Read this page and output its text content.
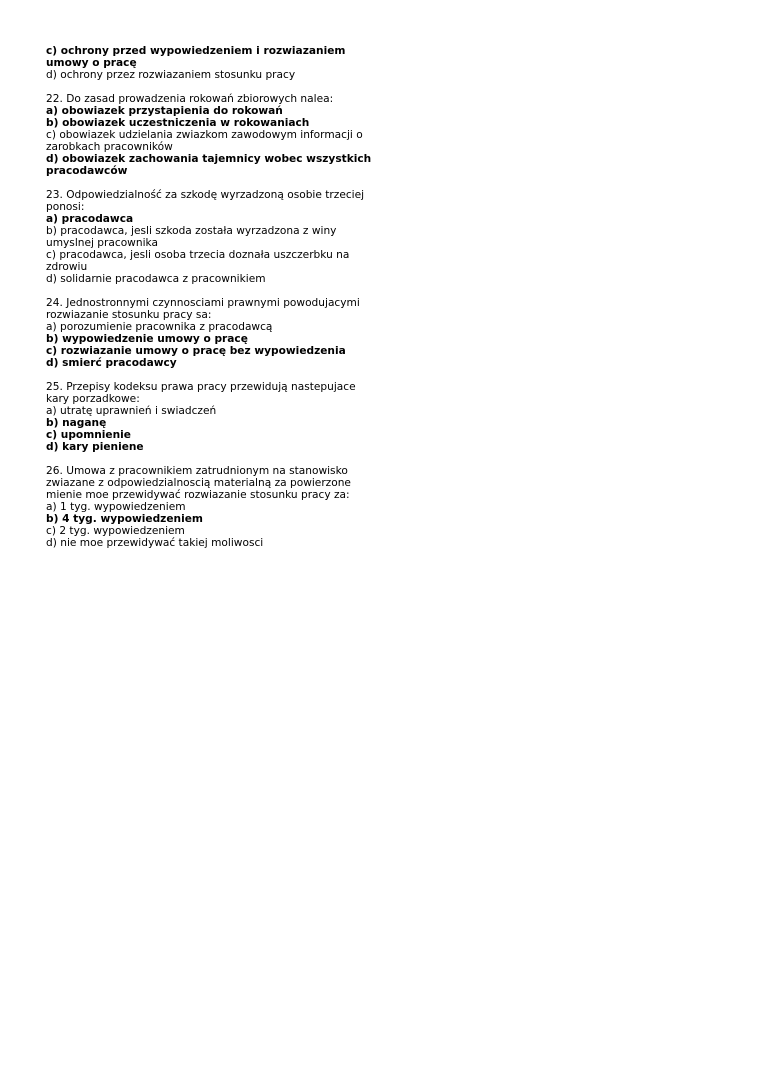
c) ochrony przed wypowiedzeniem i rozwiazaniem umowy o pracę
d) ochrony przez rozwiazaniem stosunku pracy
22. Do zasad prowadzenia rokowań zbiorowych nalea:
a) obowiazek przystapienia do rokowań
b) obowiazek uczestniczenia w rokowaniach
c) obowiazek udzielania zwiazkom zawodowym informacji o zarobkach pracowników
d) obowiazek zachowania tajemnicy wobec wszystkich pracodawców
23. Odpowiedzialność za szkodę wyrzadzoną osobie trzeciej ponosi:
a) pracodawca
b) pracodawca, jesli szkoda została wyrzadzona z winy umyslnej pracownika
c) pracodawca, jesli osoba trzecia doznała uszczerbku na zdrowiu
d) solidarnie pracodawca z pracownikiem
24. Jednostronnymi czynnosciami prawnymi powodujacymi rozwiazanie stosunku pracy sa:
a) porozumienie pracownika z pracodawcą
b) wypowiedzenie umowy o pracę
c) rozwiazanie umowy o pracę bez wypowiedzenia
d) smierć pracodawcy
25. Przepisy kodeksu prawa pracy przewidują nastepujace kary porzadkowe:
a) utratę uprawnień i swiadczeń
b) naganę
c) upomnienie
d) kary pieniene
26. Umowa z pracownikiem zatrudnionym na stanowisko zwiazane z odpowiedzialnoscią materialną za powierzone mienie moe przewidywać rozwiazanie stosunku pracy za:
a) 1 tyg. wypowiedzeniem
b) 4 tyg. wypowiedzeniem
c) 2 tyg. wypowiedzeniem
d) nie moe przewidywać takiej moliwosci
